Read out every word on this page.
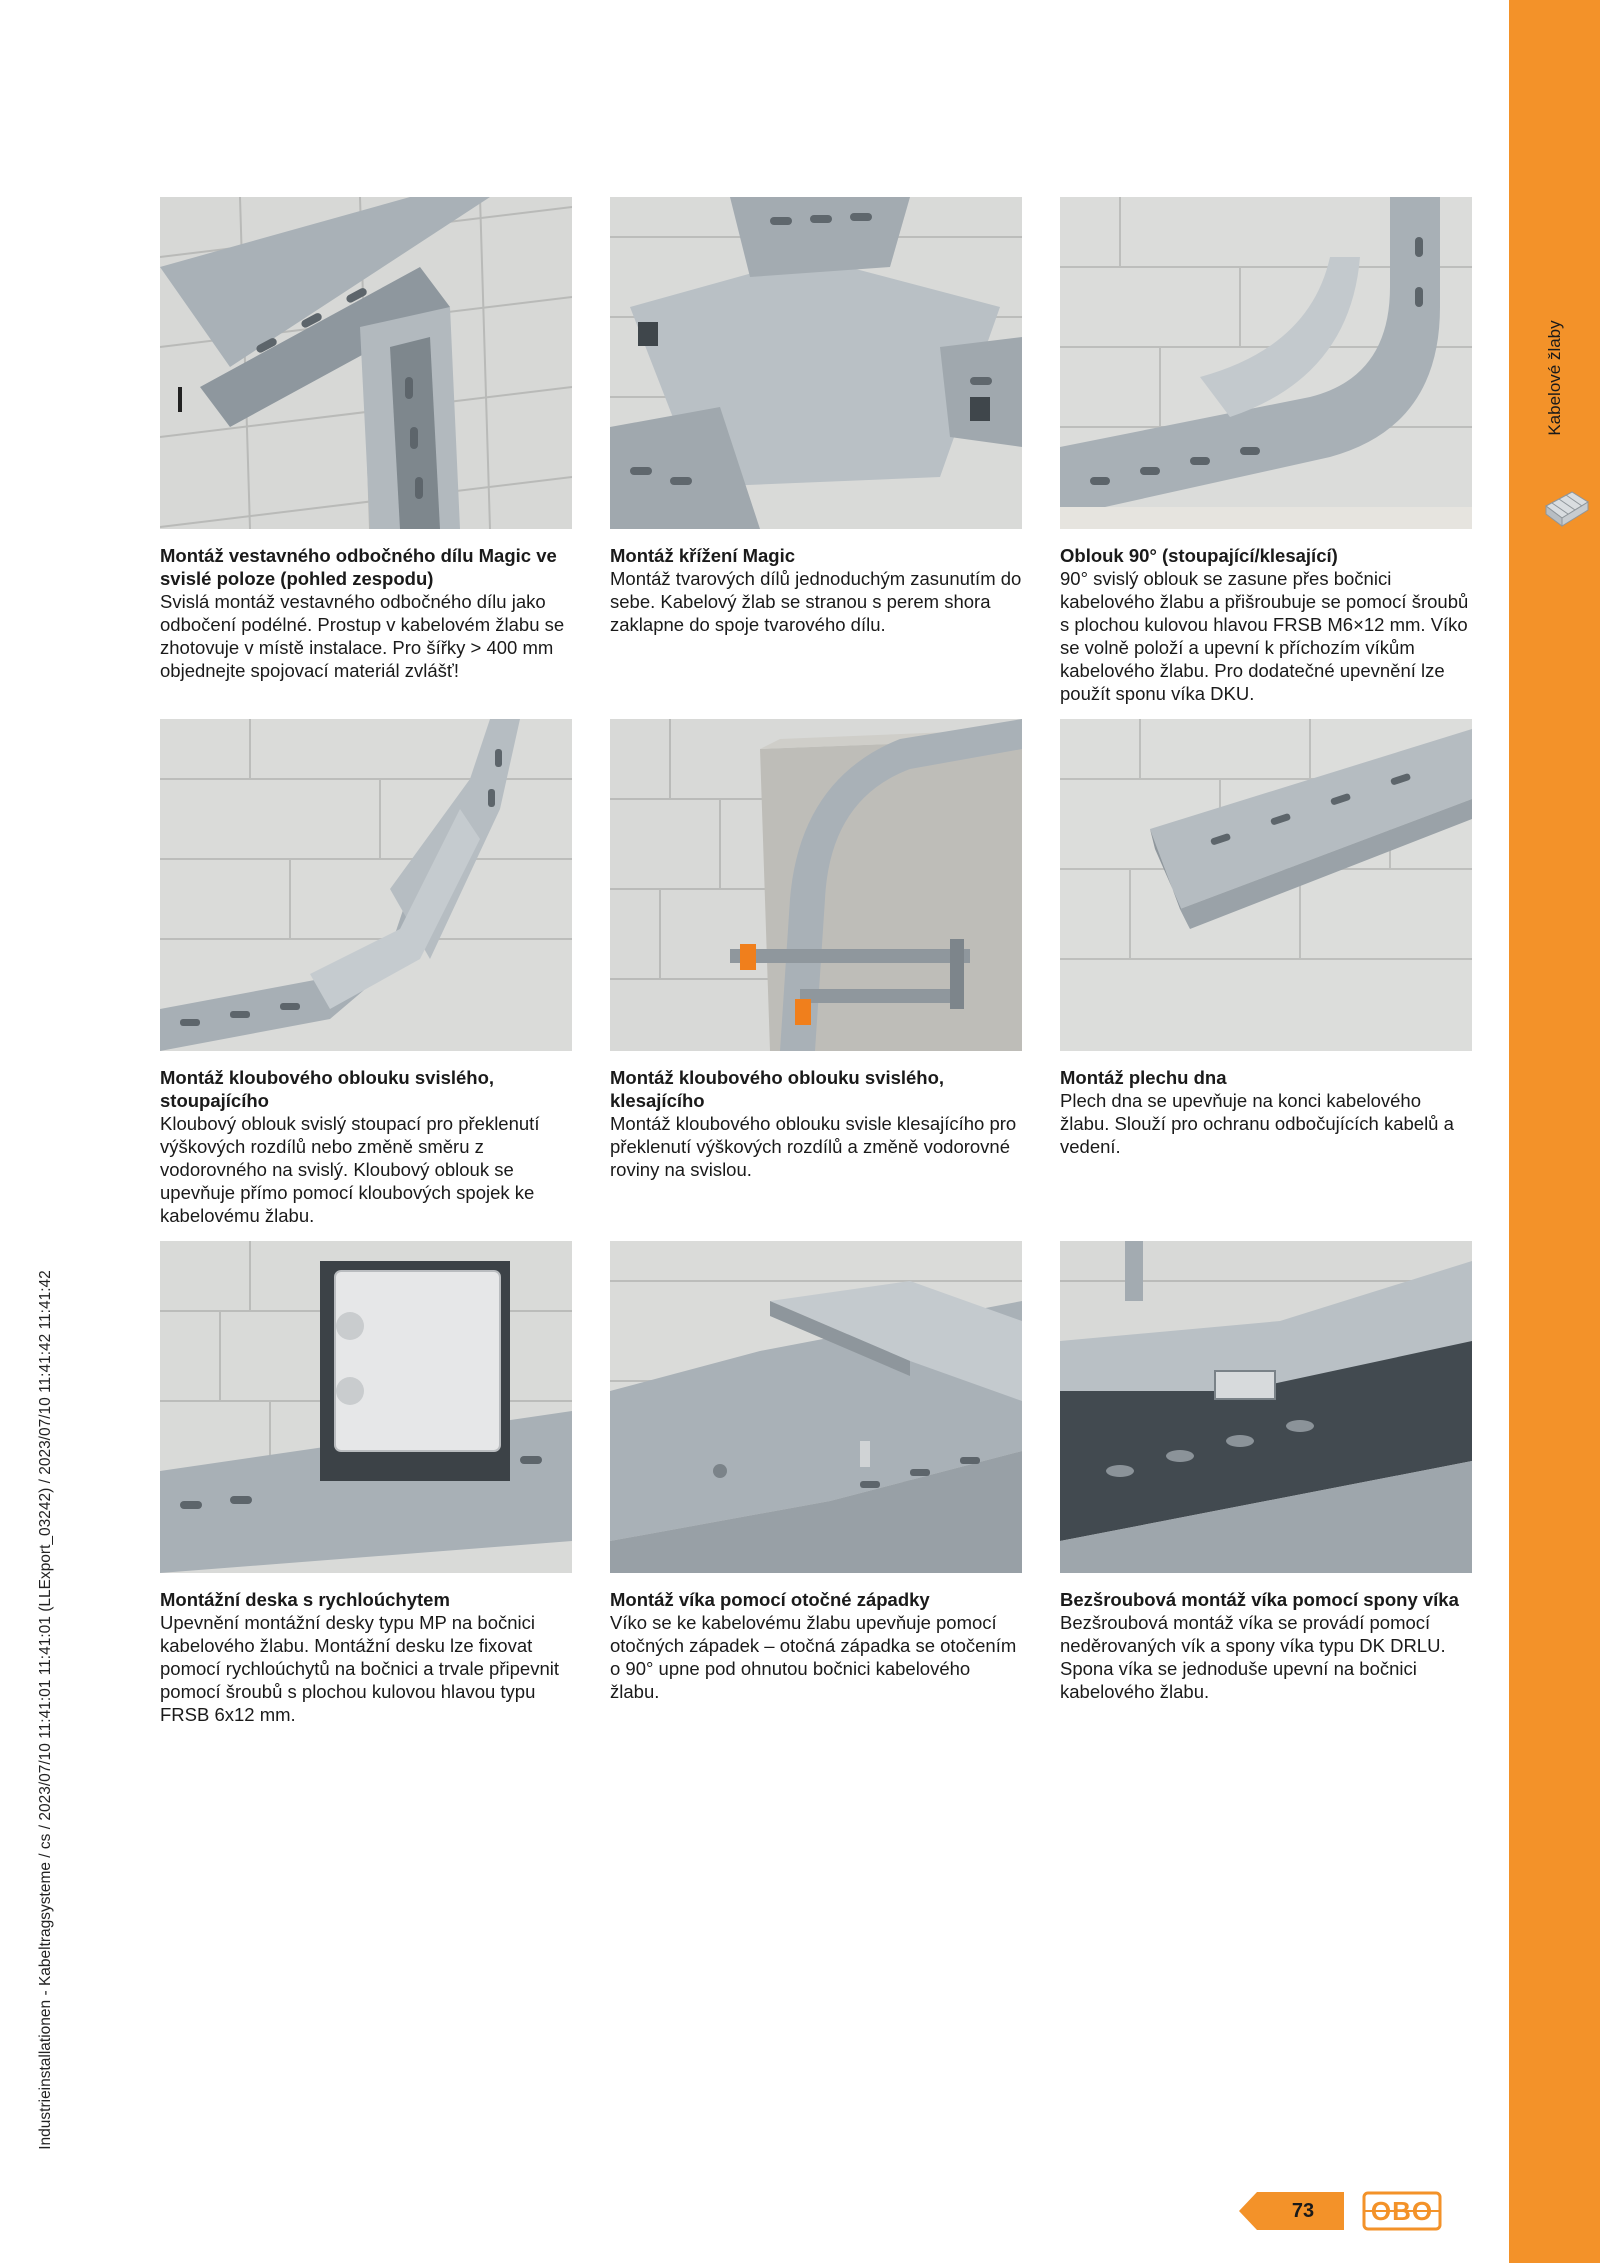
Kabelové žlaby
Industrieinstallationen - Kabeltragsysteme / cs / 2023/07/10 11:41:01 11:41:01 (LLExport_03242) / 2023/07/10 11:41:42 11:41:42
Montáž vestavného odbočného dílu Magic ve svislé poloze (pohled zespodu)
Svislá montáž vestavného odbočného dílu jako odbočení podélné. Prostup v kabelovém žlabu se zhotovuje v místě instalace. Pro šířky > 400 mm objednejte spojovací materiál zvlášť!
Montáž křížení Magic
Montáž tvarových dílů jednoduchým zasunutím do sebe. Kabelový žlab se stranou s perem shora zaklapne do spoje tvarového dílu.
Oblouk 90° (stoupající/klesající)
90° svislý oblouk se zasune přes bočnici kabelového žlabu a přišroubuje se pomocí šroubů s plochou kulovou hlavou FRSB M6×12 mm. Víko se volně položí a upevní k příchozím víkům kabelového žlabu. Pro dodatečné upevnění lze použít sponu víka DKU.
Montáž kloubového oblouku svislého, stoupajícího
Kloubový oblouk svislý stoupací pro překlenutí výškových rozdílů nebo změně směru z vodorovného na svislý. Kloubový oblouk se upevňuje přímo pomocí kloubových spojek ke kabelovému žlabu.
Montáž kloubového oblouku svislého, klesajícího
Montáž kloubového oblouku svisle klesajícího pro překlenutí výškových rozdílů a změně vodorovné roviny na svislou.
Montáž plechu dna
Plech dna se upevňuje na konci kabelového žlabu. Slouží pro ochranu odbočujících kabelů a vedení.
Montážní deska s rychloúchytem
Upevnění montážní desky typu MP na bočnici kabelového žlabu. Montážní desku lze fixovat pomocí rychloúchytů na bočnici a trvale připevnit pomocí šroubů s plochou kulovou hlavou typu FRSB 6x12 mm.
Montáž víka pomocí otočné západky
Víko se ke kabelovému žlabu upevňuje pomocí otočných západek – otočná západka se otočením o 90° upne pod ohnutou bočnici kabelového žlabu.
Bezšroubová montáž víka pomocí spony víka
Bezšroubová montáž víka se provádí pomocí neděrovaných vík a spony víka typu DK DRLU. Spona víka se jednoduše upevní na bočnici kabelového žlabu.
73	OBO
